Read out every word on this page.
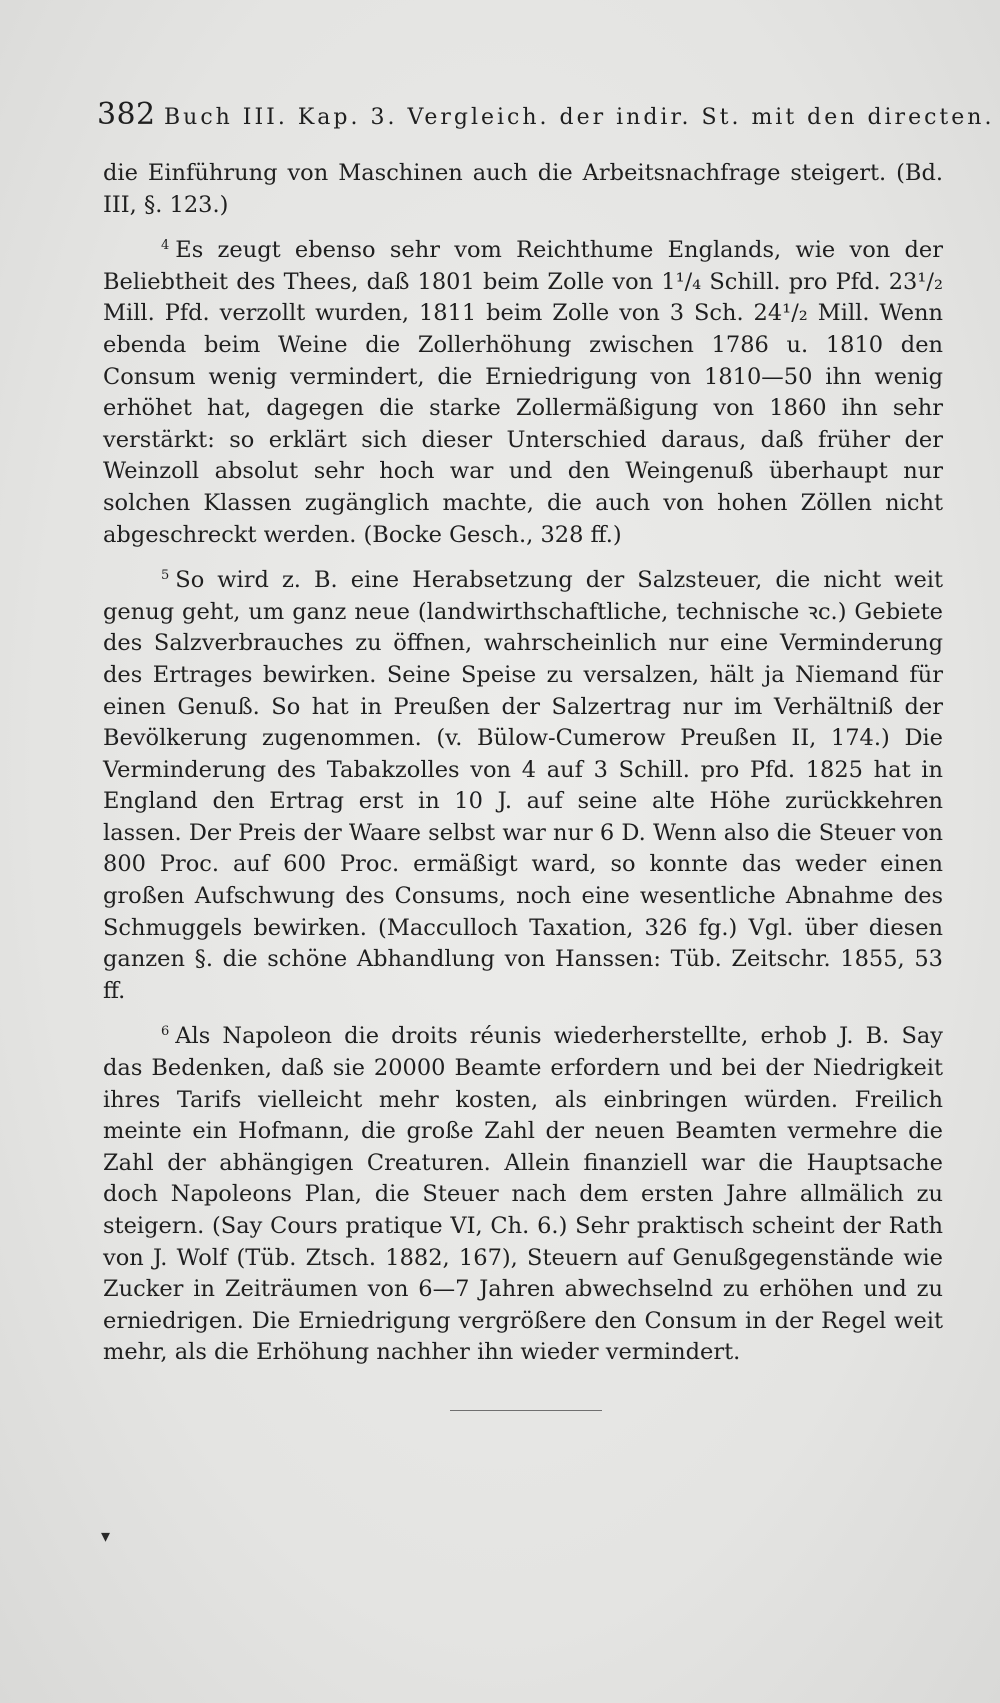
382 Buch III. Kap. 3. Vergleich. der indir. St. mit den directen.

die Einführung von Maschinen auch die Arbeitsnachfrage steigert. (Bd. III, §. 123.)

$^4$ Es zeugt ebenso sehr vom Reichthume Englands, wie von der Beliebtheit des Thees, daß 1801 beim Zolle von 1¹/₄ Schill. pro Pfd. 23¹/₂ Mill. Pfd. verzollt wurden, 1811 beim Zolle von 3 Sch. 24¹/₂ Mill. Wenn ebenda beim Weine die Zollerhöhung zwischen 1786 u. 1810 den Consum wenig vermindert, die Erniedrigung von 1810—50 ihn wenig erhöhet hat, dagegen die starke Zollermäßigung von 1860 ihn sehr verstärkt: so erklärt sich dieser Unterschied daraus, daß früher der Weinzoll absolut sehr hoch war und den Weingenuß überhaupt nur solchen Klassen zugänglich machte, die auch von hohen Zöllen nicht abgeschreckt werden. (Bocke Gesch., 328 ff.)

$^5$ So wird z. B. eine Herabsetzung der Salzsteuer, die nicht weit genug geht, um ganz neue (landwirthschaftliche, technische ꝛc.) Gebiete des Salzverbrauches zu öffnen, wahrscheinlich nur eine Verminderung des Ertrages bewirken. Seine Speise zu versalzen, hält ja Niemand für einen Genuß. So hat in Preußen der Salzertrag nur im Verhältniß der Bevölkerung zugenommen. (v. Bülow-Cumerow Preußen II, 174.) Die Verminderung des Tabakzolles von 4 auf 3 Schill. pro Pfd. 1825 hat in England den Ertrag erst in 10 J. auf seine alte Höhe zurückkehren lassen. Der Preis der Waare selbst war nur 6 D. Wenn also die Steuer von 800 Proc. auf 600 Proc. ermäßigt ward, so konnte das weder einen großen Aufschwung des Consums, noch eine wesentliche Abnahme des Schmuggels bewirken. (Macculloch Taxation, 326 fg.) Vgl. über diesen ganzen §. die schöne Abhandlung von Hanssen: Tüb. Zeitschr. 1855, 53 ff.

$^6$ Als Napoleon die droits réunis wiederherstellte, erhob J. B. Say das Bedenken, daß sie 20000 Beamte erfordern und bei der Niedrigkeit ihres Tarifs vielleicht mehr kosten, als einbringen würden. Freilich meinte ein Hofmann, die große Zahl der neuen Beamten vermehre die Zahl der abhängigen Creaturen. Allein finanziell war die Hauptsache doch Napoleons Plan, die Steuer nach dem ersten Jahre allmälich zu steigern. (Say Cours pratique VI, Ch. 6.) Sehr praktisch scheint der Rath von J. Wolf (Tüb. Ztsch. 1882, 167), Steuern auf Genußgegenstände wie Zucker in Zeiträumen von 6—7 Jahren abwechselnd zu erhöhen und zu erniedrigen. Die Erniedrigung vergrößere den Consum in der Regel weit mehr, als die Erhöhung nachher ihn wieder vermindert.

▾
